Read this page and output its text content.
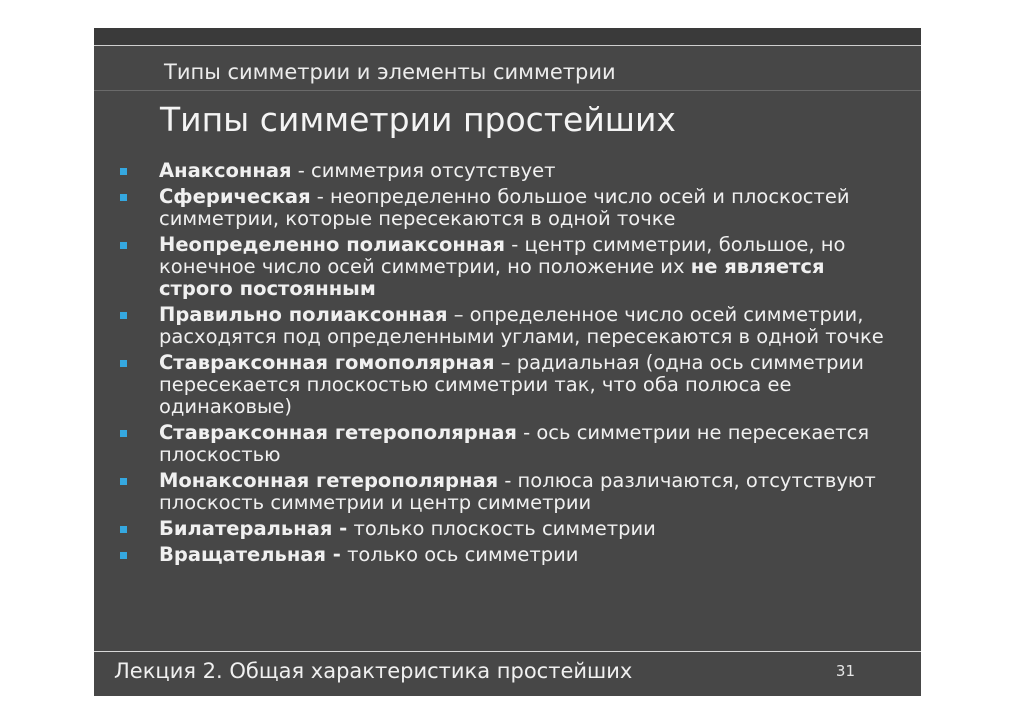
Типы симметрии и элементы симметрии
Типы симметрии простейших
Анаксонная - симметрия отсутствует
Сферическая - неопределенно большое число осей и плоскостей симметрии, которые пересекаются в одной точке
Неопределенно полиаксонная - центр симметрии, большое, но конечное число осей симметрии, но положение их не является строго постоянным
Правильно полиаксонная – определенное число осей симметрии, расходятся под определенными углами, пересекаются в одной точке
Ставраксонная гомополярная – радиальная (одна ось симметрии пересекается плоскостью симметрии так, что оба полюса ее одинаковые)
Ставраксонная гетерополярная - ось симметрии не пересекается плоскостью
Монаксонная гетерополярная - полюса различаются, отсутствуют плоскость симметрии и центр симметрии
Билатеральная - только плоскость симметрии
Вращательная - только ось симметрии
Лекция 2. Общая характеристика простейших	31
